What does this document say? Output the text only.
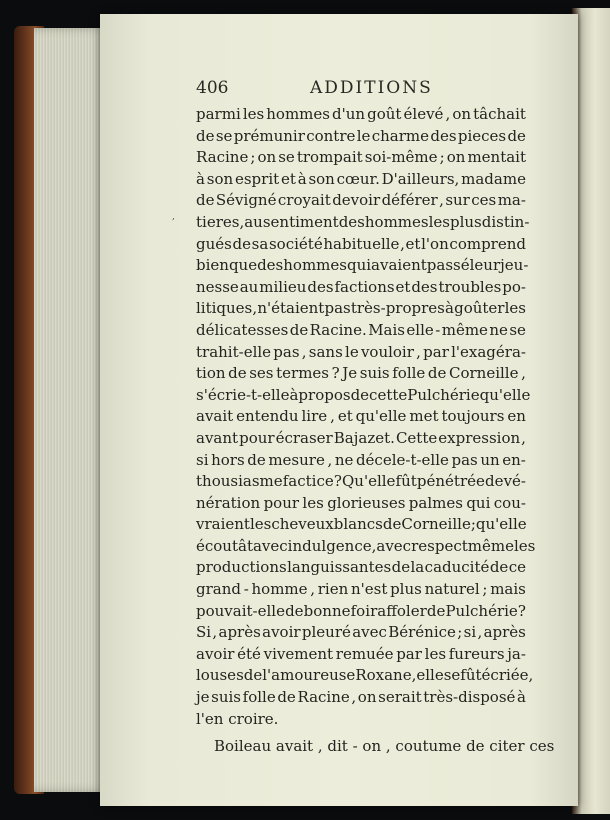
406	ADDITIONS
,
parmi les hommes d'un goût élevé , on tâchait
de se prémunir contre le charme des pieces de
Racine ; on se trompait soi-même ; on mentait
à son esprit et à son cœur. D'ailleurs, madame
de Sévigné croyait devoir déférer , sur ces ma-
tieres , au sentiment des hommes les plus distin-
gués de sa société habituelle , et l'on comprend
bien que des hommes qui avaient passé leur jeu-
nesse au milieu des factions et des troubles po-
litiques , n'étaient pas très-propres à goûter les
délicatesses de Racine. Mais elle - même ne se
trahit-elle pas , sans le vouloir , par l'exagéra-
tion de ses termes ? Je suis folle de Corneille ,
s'écrie-t-elle à propos de cette Pulchérie qu'elle
avait entendu lire , et qu'elle met toujours en
avant pour écraser Bajazet. Cette expression ,
si hors de mesure , ne décele-t-elle pas un en-
thousiasme factice ? Qu'elle fût pénétrée de vé-
nération pour les glorieuses palmes qui cou-
vraient les cheveux blancs de Corneille ; qu'elle
écoutât avec indulgence , avec respect même les
productions languissantes de la caducité de ce
grand - homme , rien n'est plus naturel ; mais
pouvait-elle de bonne foi raffoler de Pulchérie ?
Si , après avoir pleuré avec Bérénice ; si , après
avoir été vivement remuée par les fureurs ja-
louses de l'amoureuse Roxane , elle se fût écriée ,
je suis folle de Racine , on serait très-disposé à
l'en croire.
Boileau avait , dit - on , coutume de citer ces
